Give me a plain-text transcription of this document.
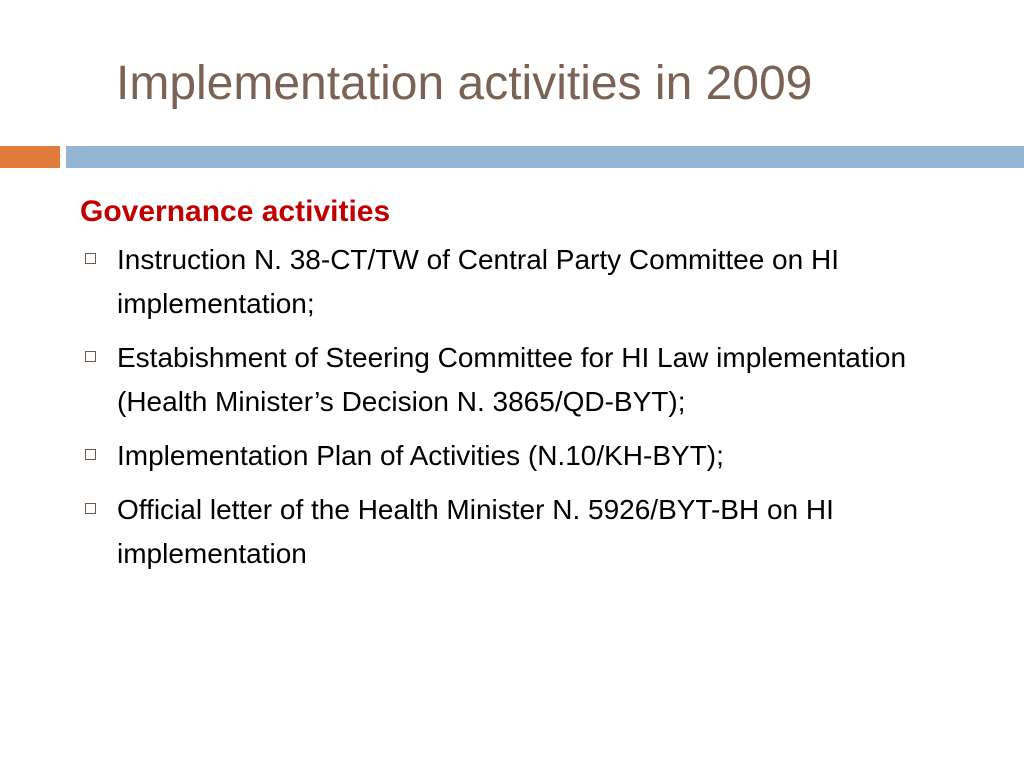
Implementation activities in 2009
Governance activities
Instruction N. 38-CT/TW of Central Party Committee on HI implementation;
Estabishment of Steering Committee for HI Law implementation (Health Minister’s Decision N. 3865/QD-BYT);
Implementation Plan of Activities (N.10/KH-BYT);
Official letter of the Health Minister N. 5926/BYT-BH on HI implementation
